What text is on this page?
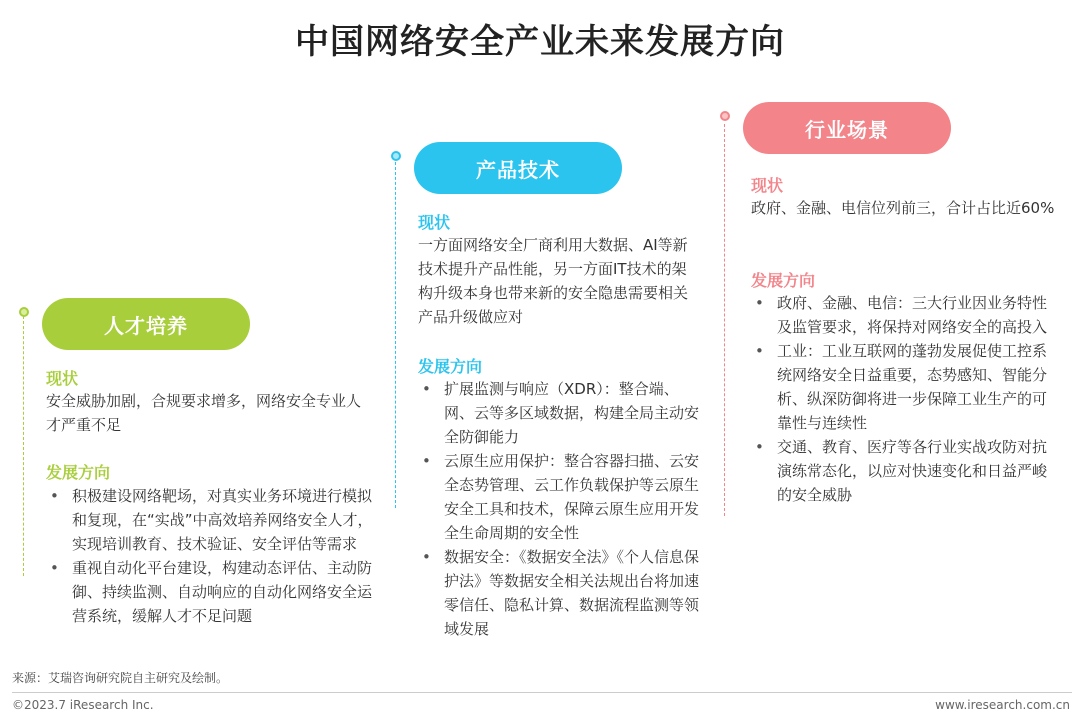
中国网络安全产业未来发展方向
人才培养
现状

安全威胁加剧，合规要求增多，网络安全专业人才严重不足

发展方向
• 积极建设网络靶场，对真实业务环境进行模拟和复现，在“实战”中高效培养网络安全人才，实现培训教育、技术验证、安全评估等需求
• 重视自动化平台建设，构建动态评估、主动防御、持续监测、自动响应的自动化网络安全运营系统，缓解人才不足问题
产品技术
现状

一方面网络安全厂商利用大数据、AI等新技术提升产品性能，另一方面IT技术的架构升级本身也带来新的安全隐患需要相关产品升级做应对

发展方向
• 扩展监测与响应（XDR）：整合端、网、云等多区域数据，构建全局主动安全防御能力
• 云原生应用保护：整合容器扫描、云安全态势管理、云工作负载保护等云原生安全工具和技术，保障云原生应用开发全生命周期的安全性
• 数据安全：《数据安全法》《个人信息保护法》等数据安全相关法规出台将加速零信任、隐私计算、数据流程监测等领域发展
行业场景
现状

政府、金融、电信位列前三，合计占比近60%

发展方向
• 政府、金融、电信：三大行业因业务特性及监管要求，将保持对网络安全的高投入
• 工业：工业互联网的蓬勃发展促使工控系统网络安全日益重要，态势感知、智能分析、纵深防御将进一步保障工业生产的可靠性与连续性
• 交通、教育、医疗等各行业实战攻防对抗演练常态化，以应对快速变化和日益严峻的安全威胁
来源：艾瑞咨询研究院自主研究及绘制。
©2023.7 iResearch Inc.	www.iresearch.com.cn
